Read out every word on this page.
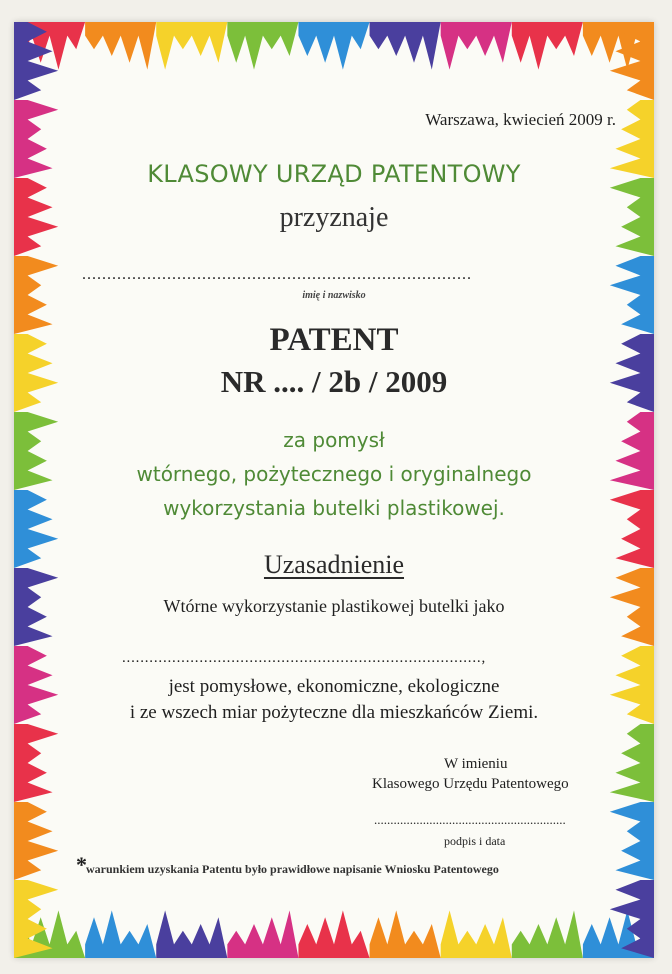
Warszawa, kwiecień 2009 r.
KLASOWY URZĄD PATENTOWY
przyznaje
..............................................................................
imię i nazwisko
PATENT
NR .... / 2b / 2009
za pomysł
wtórnego, pożytecznego i oryginalnego
wykorzystania butelki plastikowej.
Uzasadnienie
Wtórne wykorzystanie plastikowej butelki jako
...............................................................................,
jest pomysłowe, ekonomiczne, ekologiczne
i ze wszech miar pożyteczne dla mieszkańców Ziemi.
W imieniu
Klasowego Urzędu Patentowego
...........................................................
podpis i data
* warunkiem uzyskania Patentu było prawidłowe napisanie Wniosku Patentowego
